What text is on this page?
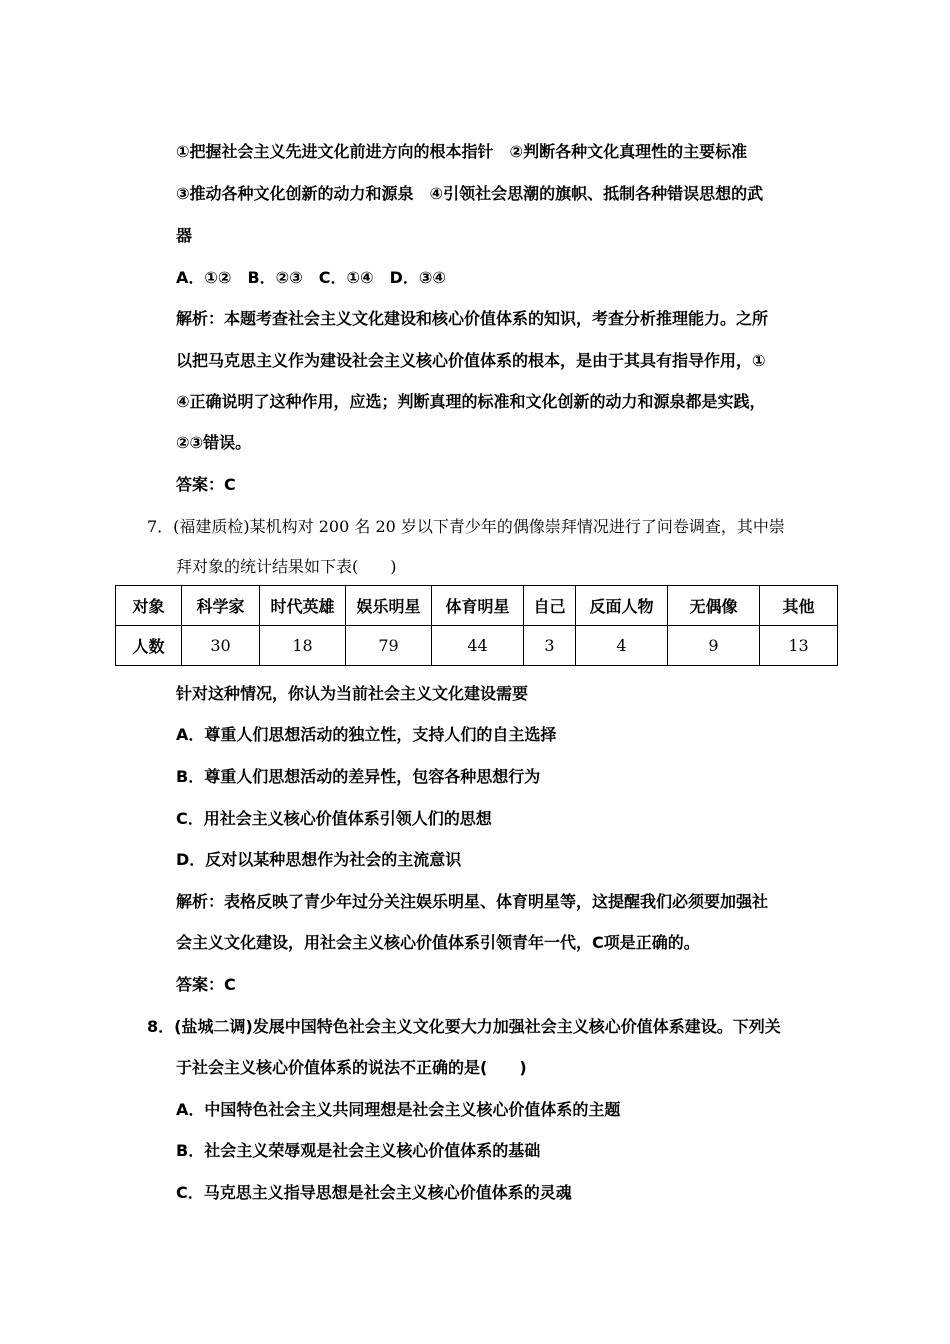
①把握社会主义先进文化前进方向的根本指针　②判断各种文化真理性的主要标准
③推动各种文化创新的动力和源泉　④引领社会思潮的旗帜、抵制各种错误思想的武
器
A．①②　B．②③　C．①④　D．③④
解析：本题考查社会主义文化建设和核心价值体系的知识，考查分析推理能力。之所
以把马克思主义作为建设社会主义核心价值体系的根本，是由于其具有指导作用，①
④正确说明了这种作用，应选；判断真理的标准和文化创新的动力和源泉都是实践，
②③错误。
答案：C
7．(福建质检)某机构对 200 名 20 岁以下青少年的偶像崇拜情况进行了问卷调查，其中崇
拜对象的统计结果如下表(　　)
对象	科学家	时代英雄	娱乐明星	体育明星	自己	反面人物	无偶像	其他
人数	30	18	79	44	3	4	9	13
针对这种情况，你认为当前社会主义文化建设需要
A．尊重人们思想活动的独立性，支持人们的自主选择
B．尊重人们思想活动的差异性，包容各种思想行为
C．用社会主义核心价值体系引领人们的思想
D．反对以某种思想作为社会的主流意识
解析：表格反映了青少年过分关注娱乐明星、体育明星等，这提醒我们必须要加强社
会主义文化建设，用社会主义核心价值体系引领青年一代，C项是正确的。
答案：C
8．(盐城二调)发展中国特色社会主义文化要大力加强社会主义核心价值体系建设。下列关
于社会主义核心价值体系的说法不正确的是(　　)
A．中国特色社会主义共同理想是社会主义核心价值体系的主题
B．社会主义荣辱观是社会主义核心价值体系的基础
C．马克思主义指导思想是社会主义核心价值体系的灵魂
